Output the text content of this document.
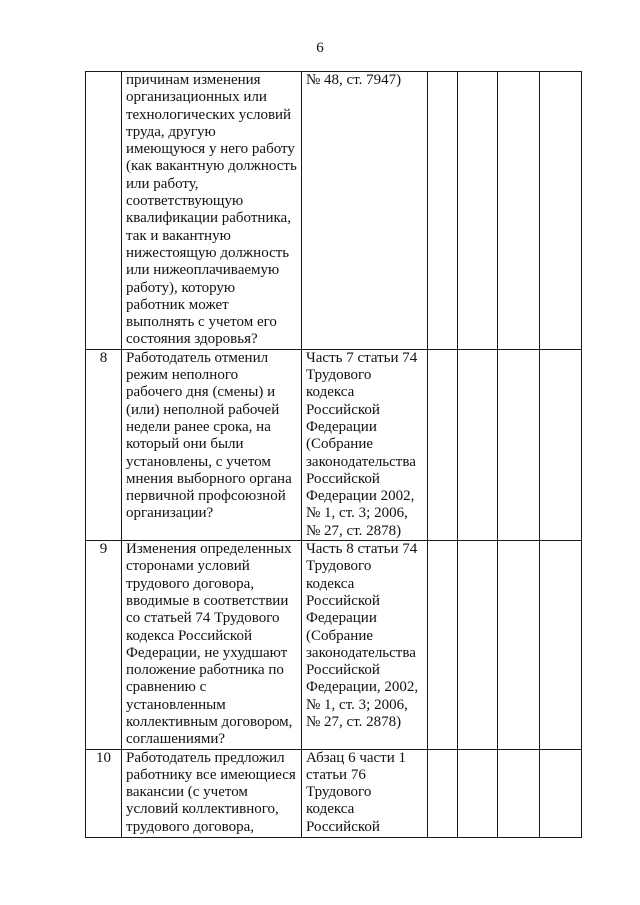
6

	причинам изменения организационных или технологических условий труда, другую имеющуюся у него работу (как вакантную должность или работу, соответствующую квалификации работника, так и вакантную нижестоящую должность или нижеоплачиваемую работу), которую работник может выполнять с учетом его состояния здоровья?	№ 48, ст. 7947)				

8	Работодатель отменил режим неполного рабочего дня (смены) и (или) неполной рабочей недели ранее срока, на который они были установлены, с учетом мнения выборного органа первичной профсоюзной организации?	Часть 7 статьи 74 Трудового кодекса Российской Федерации (Собрание законодательства Российской Федерации 2002, № 1, ст. 3; 2006, № 27, ст. 2878)				

9	Изменения определенных сторонами условий трудового договора, вводимые в соответствии со статьей 74 Трудового кодекса Российской Федерации, не ухудшают положение работника по сравнению с установленным коллективным договором, соглашениями?	Часть 8 статьи 74 Трудового кодекса Российской Федерации (Собрание законодательства Российской Федерации, 2002, № 1, ст. 3; 2006, № 27, ст. 2878)				

10	Работодатель предложил работнику все имеющиеся вакансии (с учетом условий коллективного, трудового договора,	Абзац 6 части 1 статьи 76 Трудового кодекса Российской				
